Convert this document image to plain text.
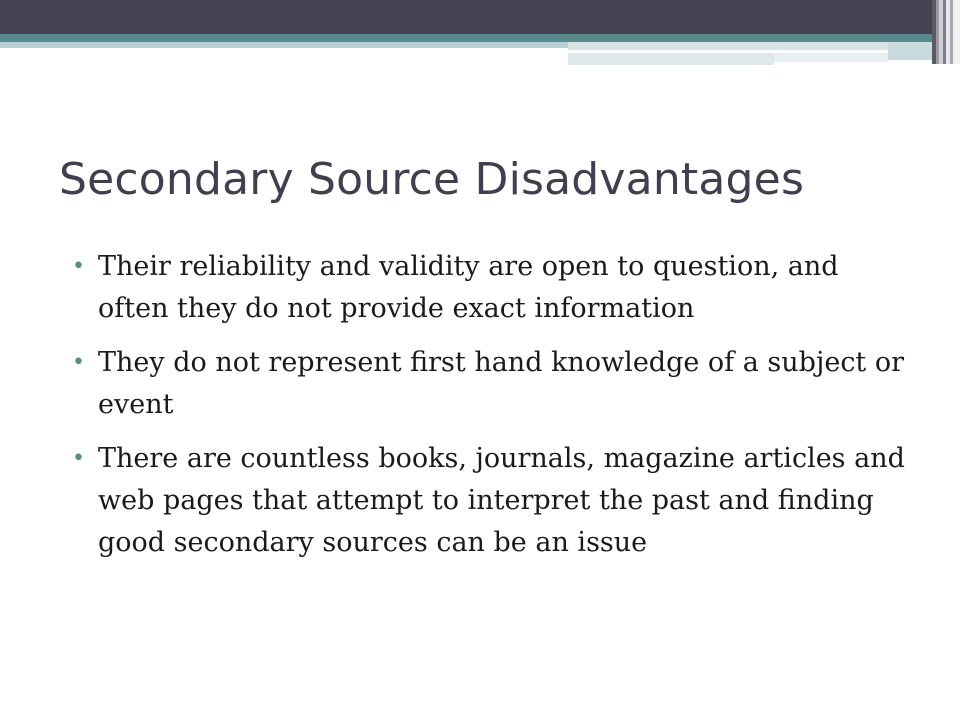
Secondary Source Disadvantages
• Their reliability and validity are open to question, and often they do not provide exact information
• They do not represent first hand knowledge of a subject or event
• There are countless books, journals, magazine articles and web pages that attempt to interpret the past and finding good secondary sources can be an issue
